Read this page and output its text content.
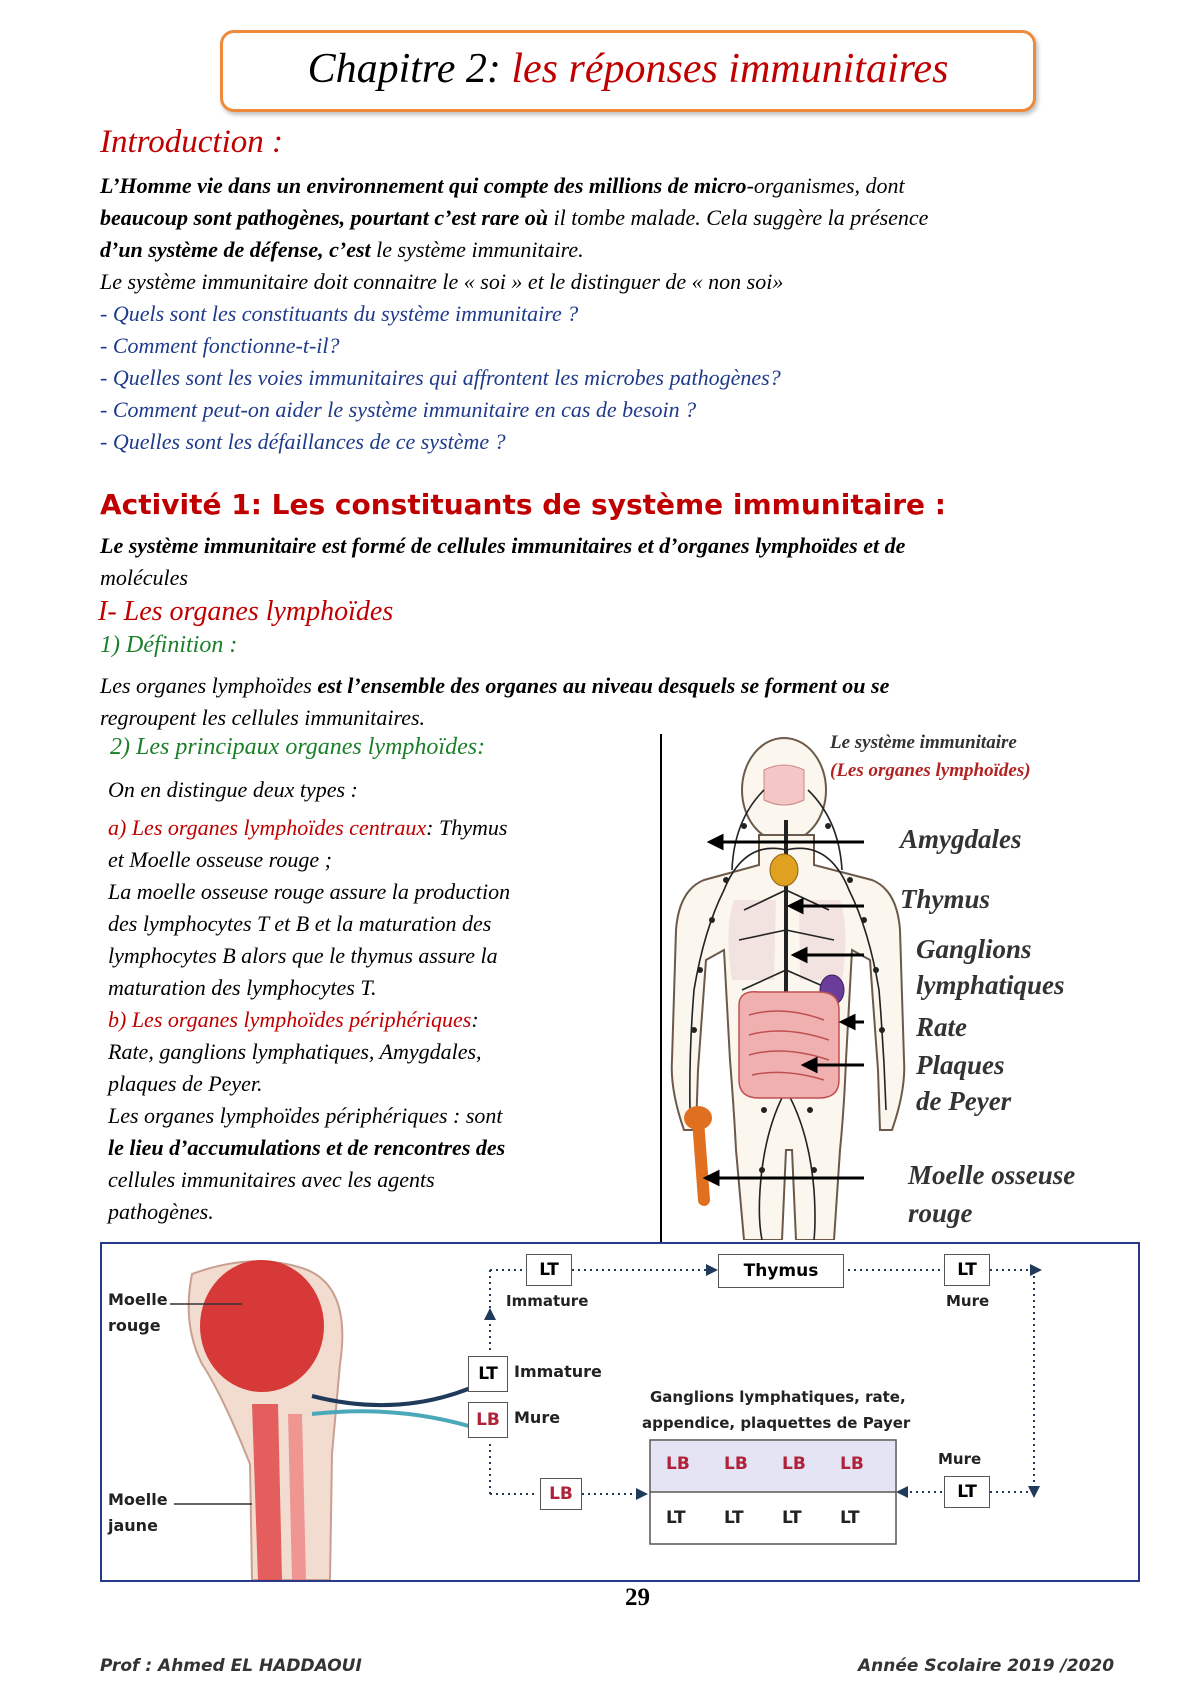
Chapitre 2: les réponses immunitaires
Introduction :
L’Homme vie dans un environnement qui compte des millions de micro-organismes, dont
beaucoup sont pathogènes, pourtant c’est rare où il tombe malade. Cela suggère la présence
d’un système de défense, c’est le système immunitaire.
Le système immunitaire doit connaitre le « soi » et le distinguer de « non soi»
- Quels sont les constituants du système immunitaire ?
- Comment fonctionne-t-il?
- Quelles sont les voies immunitaires qui affrontent les microbes pathogènes?
- Comment peut-on aider le système immunitaire en cas de besoin ?
- Quelles sont les défaillances de ce système ?
Activité 1: Les constituants de système immunitaire :
Le système immunitaire est formé de cellules immunitaires et d’organes lymphoïdes et de
molécules
I- Les organes lymphoïdes
1) Définition :
Les organes lymphoïdes est l’ensemble des organes au niveau desquels se forment ou se
regroupent les cellules immunitaires.
2) Les principaux organes lymphoïdes:
On en distingue deux types :
a) Les organes lymphoïdes centraux: Thymus
et Moelle osseuse rouge ;
La moelle osseuse rouge assure la production
des lymphocytes T et B et la maturation des
lymphocytes B alors que le thymus assure la
maturation des lymphocytes T.
b) Les organes lymphoïdes périphériques:
Rate, ganglions lymphatiques, Amygdales,
plaques de Peyer.
Les organes lymphoïdes périphériques : sont
le lieu d’accumulations et de rencontres des
cellules immunitaires avec les agents
pathogènes.
Le système immunitaire
(Les organes lymphoïdes)
Amygdales
Thymus
Ganglions
lymphatiques
Rate
Plaques
de Peyer
Moelle osseuse
rouge
Moelle
rouge
Moelle
jaune
LT
Immature
Thymus	LT
Mure
LT
LB
Immature
Mure
Ganglions lymphatiques, rate,
appendice, plaquettes de Payer
LB LB LB LB
LT LT LT LT
LB
Mure
LT
29
Prof : Ahmed EL HADDAOUI	Année Scolaire 2019 /2020
